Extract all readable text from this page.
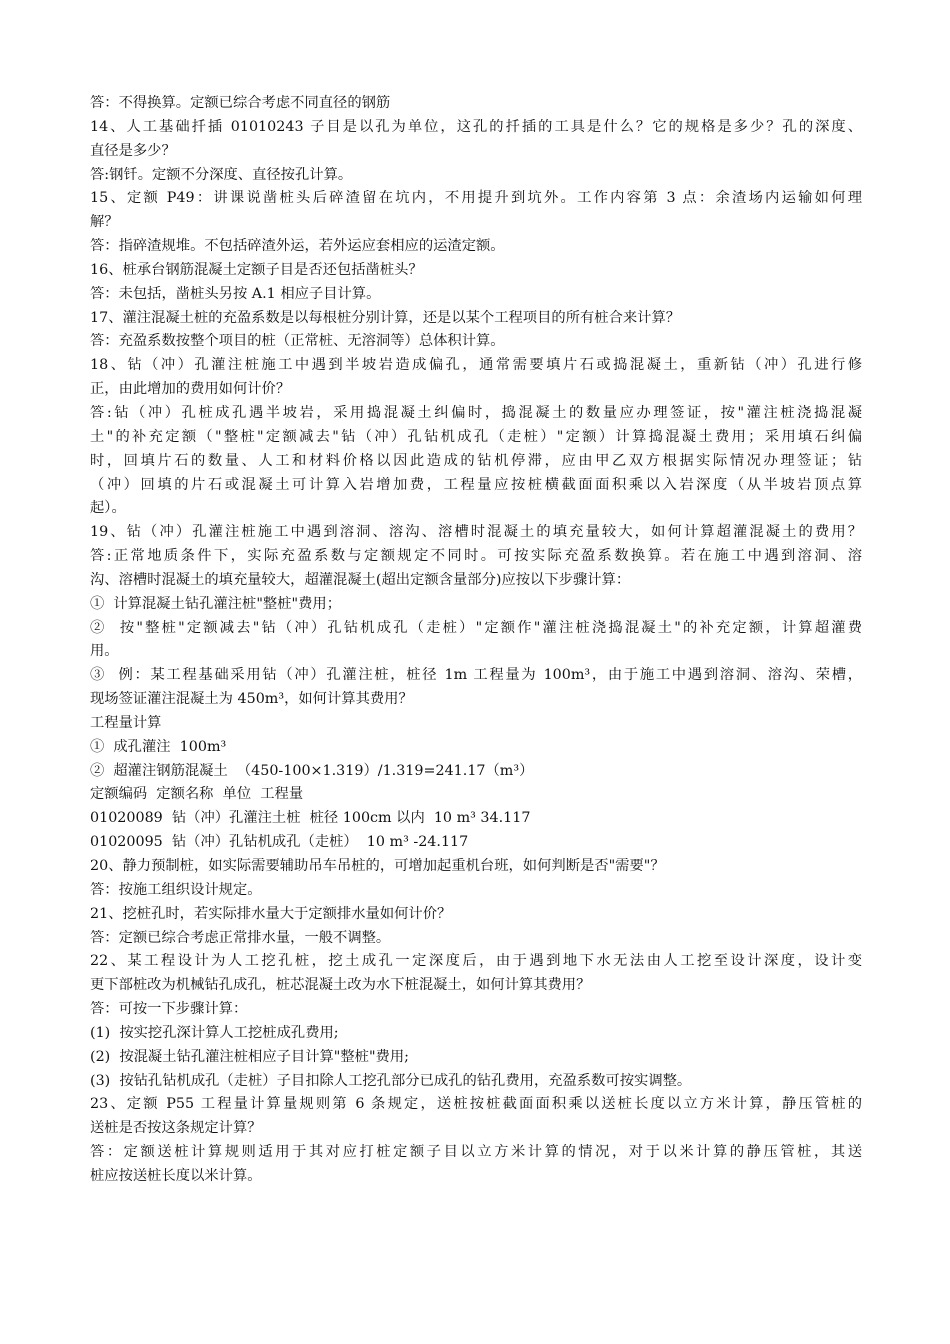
答：不得换算。定额已综合考虑不同直径的钢筋
14、人工基础扦插 01010243 子目是以孔为单位，这孔的扦插的工具是什么？它的规格是多少？孔的深度、
直径是多少？
答:钢钎。定额不分深度、直径按孔计算。
15、定额 P49：讲课说凿桩头后碎渣留在坑内，不用提升到坑外。工作内容第 3 点：余渣场内运输如何理
解？
答：指碎渣规堆。不包括碎渣外运，若外运应套相应的运渣定额。
16、桩承台钢筋混凝土定额子目是否还包括凿桩头？
答：未包括，凿桩头另按 A.1 相应子目计算。
17、灌注混凝土桩的充盈系数是以每根桩分别计算，还是以某个工程项目的所有桩合来计算？
答：充盈系数按整个项目的桩（正常桩、无溶洞等）总体积计算。
18、钻（冲）孔灌注桩施工中遇到半坡岩造成偏孔，通常需要填片石或捣混凝土，重新钻（冲）孔进行修
正，由此增加的费用如何计价？
答:钻（冲）孔桩成孔遇半坡岩，采用捣混凝土纠偏时，捣混凝土的数量应办理签证，按"灌注桩浇捣混凝
土"的补充定额（"整桩"定额减去"钻（冲）孔钻机成孔（走桩）"定额）计算捣混凝土费用；采用填石纠偏
时，回填片石的数量、人工和材料价格以因此造成的钻机停滞，应由甲乙双方根据实际情况办理签证；钻
（冲）回填的片石或混凝土可计算入岩增加费，工程量应按桩横截面面积乘以入岩深度（从半坡岩顶点算
起）。
19、钻（冲）孔灌注桩施工中遇到溶洞、溶沟、溶槽时混凝土的填充量较大，如何计算超灌混凝土的费用？
答:正常地质条件下，实际充盈系数与定额规定不同时。可按实际充盈系数换算。若在施工中遇到溶洞、溶
沟、溶槽时混凝土的填充量较大，超灌混凝土(超出定额含量部分)应按以下步骤计算：
①  计算混凝土钻孔灌注桩"整桩"费用；
②  按"整桩"定额减去"钻（冲）孔钻机成孔（走桩）"定额作"灌注桩浇捣混凝土"的补充定额，计算超灌费
用。
③  例：某工程基础采用钻（冲）孔灌注桩，桩径 1m 工程量为 100m³，由于施工中遇到溶洞、溶沟、荣槽，
现场签证灌注混凝土为 450m³，如何计算其费用？
工程量计算
①  成孔灌注  100m³
②  超灌注钢筋混凝土  （450-100×1.319）/1.319=241.17（m³）
定额编码  定额名称  单位  工程量
01020089  钻（冲）孔灌注土桩  桩径 100cm 以内  10 m³ 34.117
01020095  钻（冲）孔钻机成孔（走桩）  10 m³ -24.117
20、静力预制桩，如实际需要辅助吊车吊桩的，可增加起重机台班，如何判断是否"需要"？
答：按施工组织设计规定。
21、挖桩孔时，若实际排水量大于定额排水量如何计价？
答：定额已综合考虑正常排水量，一般不调整。
22、某工程设计为人工挖孔桩，挖土成孔一定深度后，由于遇到地下水无法由人工挖至设计深度，设计变
更下部桩改为机械钻孔成孔，桩芯混凝土改为水下桩混凝土，如何计算其费用？
答：可按一下步骤计算：
(1)  按实挖孔深计算人工挖桩成孔费用;
(2)  按混凝土钻孔灌注桩相应子目计算"整桩"费用;
(3)  按钻孔钻机成孔（走桩）子目扣除人工挖孔部分已成孔的钻孔费用，充盈系数可按实调整。
23、定额 P55 工程量计算量规则第 6 条规定，送桩按桩截面面积乘以送桩长度以立方米计算，静压管桩的
送桩是否按这条规定计算？
答：定额送桩计算规则适用于其对应打桩定额子目以立方米计算的情况，对于以米计算的静压管桩，其送
桩应按送桩长度以米计算。
